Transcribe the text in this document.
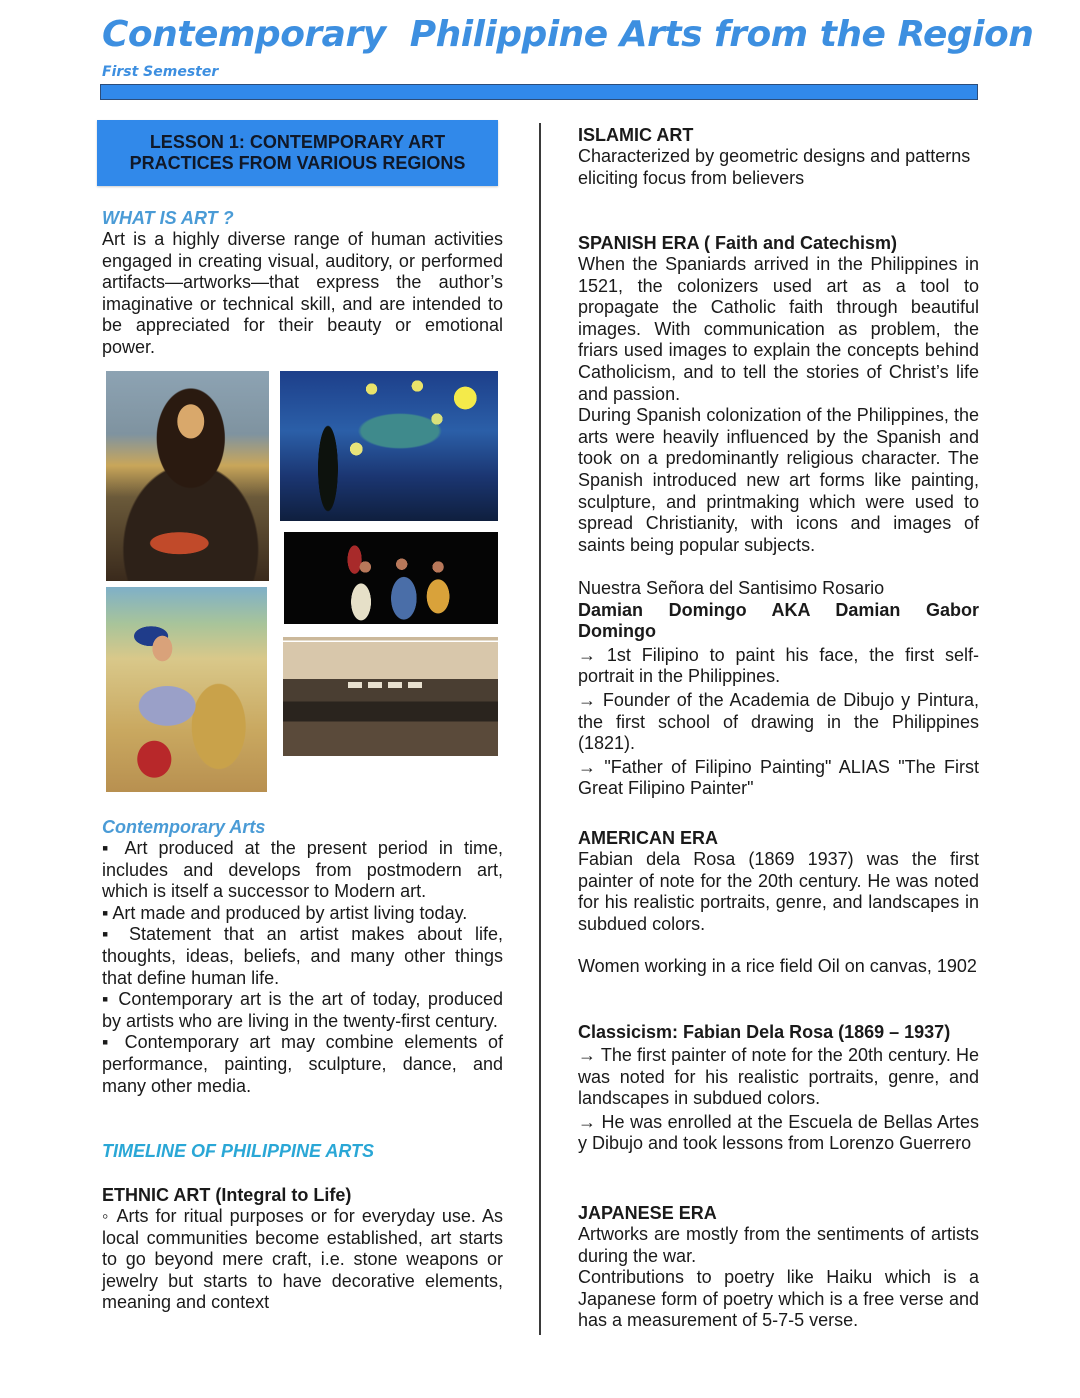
Contemporary  Philippine Arts from the Region
First Semester
LESSON 1: CONTEMPORARY ART PRACTICES FROM VARIOUS REGIONS
WHAT IS ART ?

Art is a highly diverse range of human activities engaged in creating visual, auditory, or performed artifacts—artworks—that express the author’s imaginative or technical skill, and are intended to be appreciated for their beauty or emotional power.

Contemporary Arts

▪ Art produced at the present period in time, includes and develops from postmodern art, which is itself a successor to Modern art.

▪ Art made and produced by artist living today.

▪ Statement that an artist makes about life, thoughts, ideas, beliefs, and many other things that define human life.

▪ Contemporary art is the art of today, produced by artists who are living in the twenty-first century.

▪ Contemporary art may combine elements of performance, painting, sculpture, dance, and many other media.

TIMELINE OF PHILIPPINE ARTS
ETHNIC ART (Integral to Life)

◦ Arts for ritual purposes or for everyday use. As local communities become established, art starts to go beyond mere craft, i.e. stone weapons or jewelry but starts to have decorative elements, meaning and context

ISLAMIC ART

Characterized by geometric designs and patterns

eliciting focus from believers

SPANISH ERA ( Faith and Catechism)

When the Spaniards arrived in the Philippines in 1521, the colonizers used art as a tool to propagate the Catholic faith through beautiful images. With communication as problem, the friars used images to explain the concepts behind Catholicism, and to tell the stories of Christ’s life and passion.

During Spanish colonization of the Philippines, the arts were heavily influenced by the Spanish and took on a predominantly religious character. The Spanish introduced new art forms like painting, sculpture, and printmaking which were used to spread Christianity, with icons and images of saints being popular subjects.

Nuestra Señora del Santisimo Rosario

Damian Domingo AKA Damian Gabor Domingo

→ 1st Filipino to paint his face, the first self-portrait in the Philippines.

→ Founder of the Academia de Dibujo y Pintura, the first school of drawing in the Philippines (1821).

→ "Father of Filipino Painting" ALIAS "The First Great Filipino Painter"

AMERICAN ERA

Fabian dela Rosa (1869 1937) was the first painter of note for the 20th century. He was noted for his realistic portraits, genre, and landscapes in subdued colors.

Women working in a rice field Oil on canvas, 1902

Classicism: Fabian Dela Rosa (1869 – 1937)

→ The first painter of note for the 20th century. He was noted for his realistic portraits, genre, and landscapes in subdued colors.

→ He was enrolled at the Escuela de Bellas Artes y Dibujo and took lessons from Lorenzo Guerrero

JAPANESE ERA

Artworks are mostly from the sentiments of artists during the war.

Contributions to poetry like Haiku which is a Japanese form of poetry which is a free verse and has a measurement of 5-7-5 verse.
